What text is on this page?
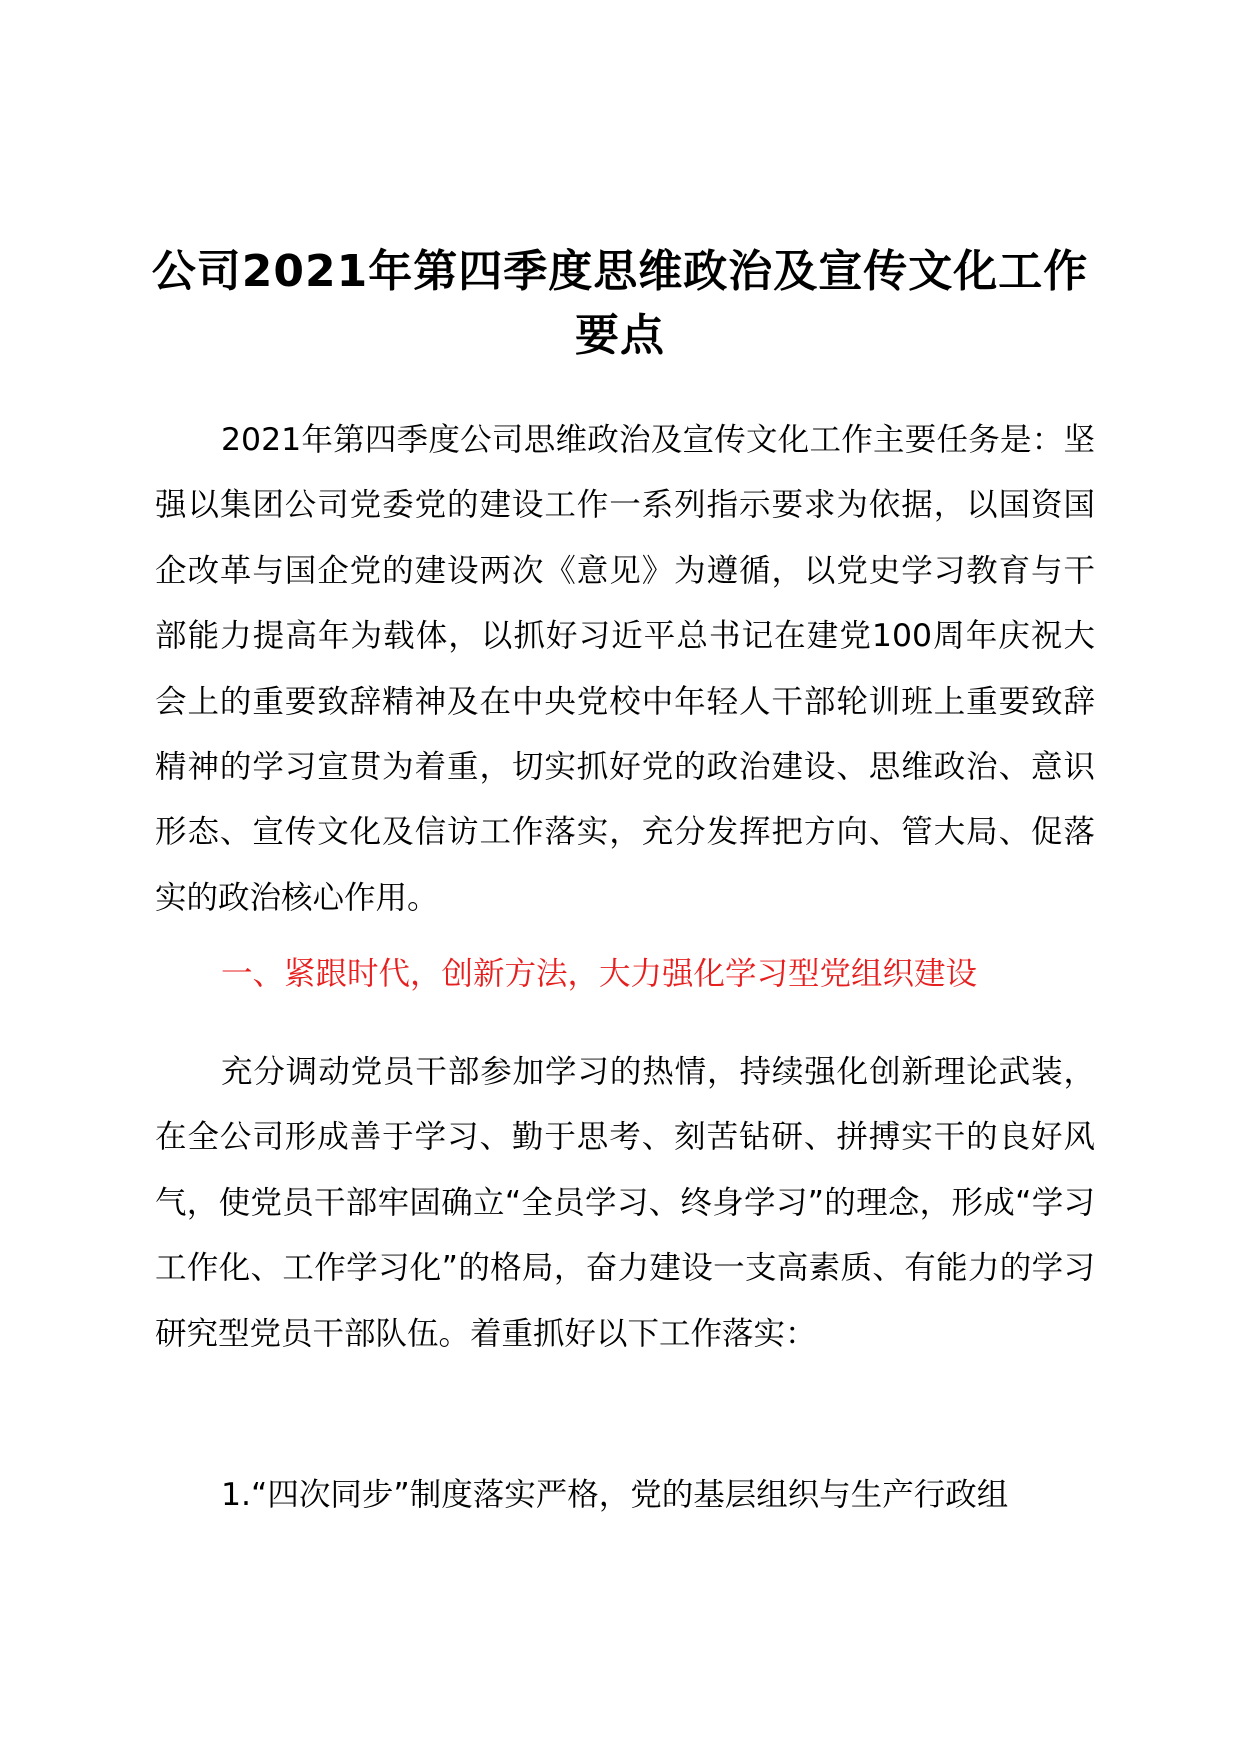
公司2021年第四季度思维政治及宣传文化工作要点

2021年第四季度公司思维政治及宣传文化工作主要任务是：坚强以集团公司党委党的建设工作一系列指示要求为依据，以国资国企改革与国企党的建设两次《意见》为遵循，以党史学习教育与干部能力提高年为载体，以抓好习近平总书记在建党100周年庆祝大会上的重要致辞精神及在中央党校中年轻人干部轮训班上重要致辞精神的学习宣贯为着重，切实抓好党的政治建设、思维政治、意识形态、宣传文化及信访工作落实，充分发挥把方向、管大局、促落实的政治核心作用。

一、紧跟时代，创新方法，大力强化学习型党组织建设

充分调动党员干部参加学习的热情，持续强化创新理论武装，在全公司形成善于学习、勤于思考、刻苦钻研、拼搏实干的良好风气，使党员干部牢固确立“全员学习、终身学习”的理念，形成“学习工作化、工作学习化”的格局，奋力建设一支高素质、有能力的学习研究型党员干部队伍。着重抓好以下工作落实：

1.“四次同步”制度落实严格，党的基层组织与生产行政组
